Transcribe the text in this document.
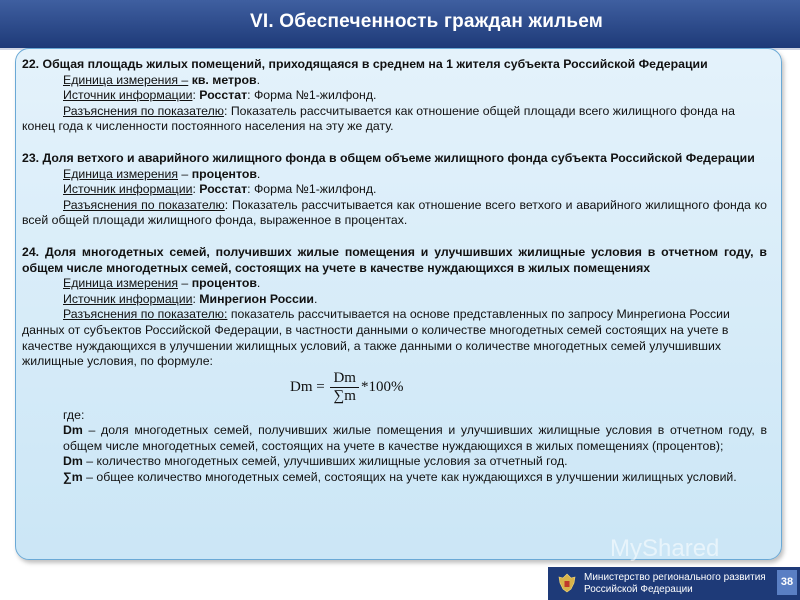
VI. Обеспеченность граждан жильем

22. Общая площадь жилых помещений, приходящаяся в среднем на 1 жителя субъекта Российской Федерации

Единица измерения – кв. метров.

Источник информации: Росстат: Форма №1-жилфонд.

Разъяснения по показателю: Показатель рассчитывается как отношение общей площади всего жилищного фонда на конец года к численности постоянного населения на эту же дату.

23. Доля ветхого и аварийного жилищного фонда в общем объеме жилищного фонда субъекта Российской Федерации

Единица измерения – процентов.

Источник информации: Росстат: Форма №1-жилфонд.

Разъяснения по показателю: Показатель рассчитывается как отношение всего ветхого и аварийного жилищного фонда ко всей общей площади жилищного фонда, выраженное в процентах.

24. Доля многодетных семей, получивших жилые помещения и улучшивших жилищные условия в отчетном году, в общем числе многодетных семей, состоящих на учете в качестве нуждающихся в жилых помещениях

Единица измерения – процентов.

Источник информации: Минрегион России.

Разъяснения по показателю: показатель рассчитывается на основе представленных по запросу Минрегиона России данных от субъектов Российской Федерации, в частности данными о количестве многодетных семей состоящих на учете в качестве нуждающихся в улучшении жилищных условий, а также данными о количестве многодетных семей улучшивших жилищные условия, по формуле:

$Dm = \frac{Dm}{\sum m} *100\%$

где:

Dm – доля многодетных семей, получивших жилые помещения и улучшивших жилищные условия в отчетном году, в общем числе многодетных семей, состоящих на учете в качестве нуждающихся в жилых помещениях (процентов);

Dm – количество многодетных семей, улучшивших жилищные условия за отчетный год.

∑m – общее количество многодетных семей, состоящих на учете как нуждающихся в улучшении жилищных условий.

MyShared
Министерство регионального развития
Российской Федерации
38
